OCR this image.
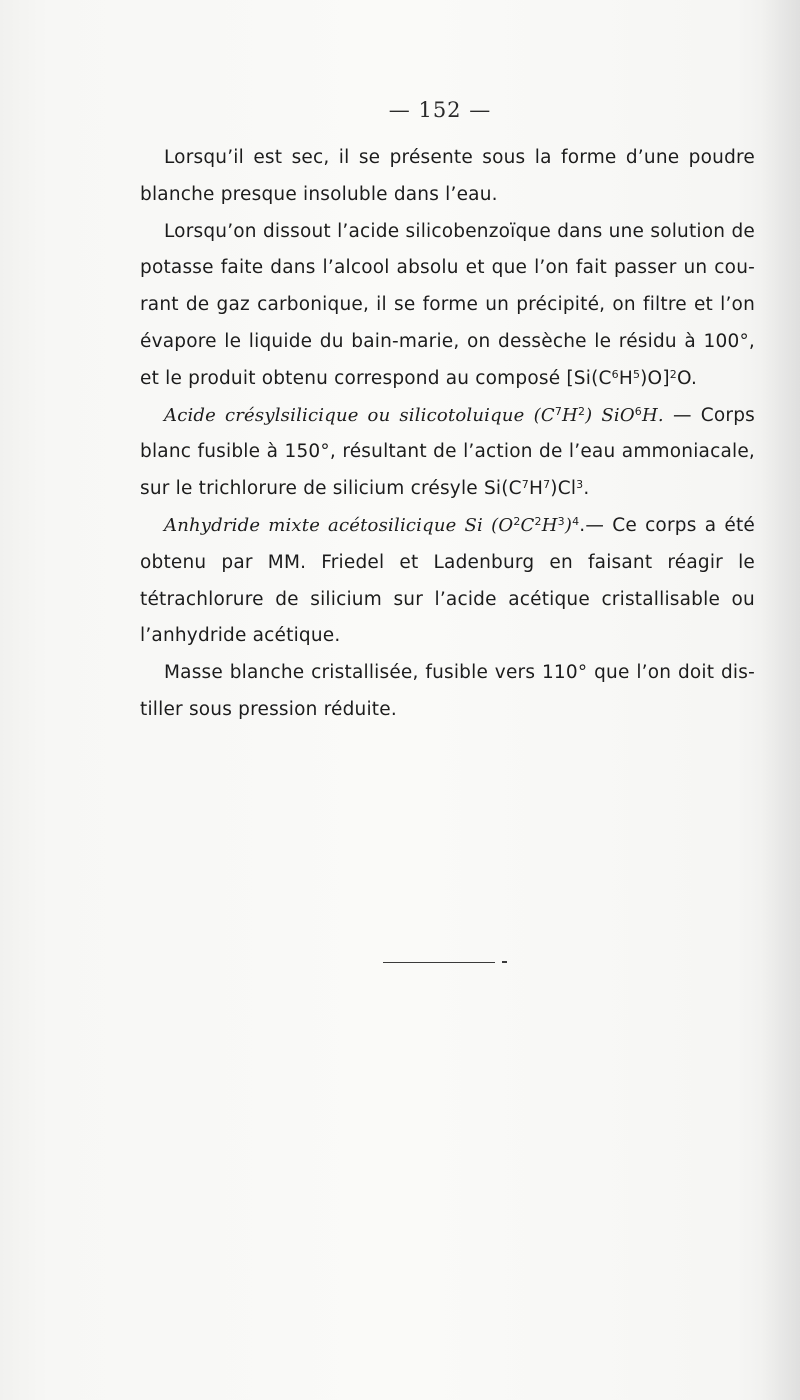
— 152 —
Lorsqu’il est sec, il se présente sous la forme d’une poudre
blanche presque insoluble dans l’eau.
Lorsqu’on dissout l’acide silicobenzoïque dans une solution de
potasse faite dans l’alcool absolu et que l’on fait passer un cou-
rant de gaz carbonique, il se forme un précipité, on filtre et l’on
évapore le liquide du bain-marie, on dessèche le résidu à 100°,
et le produit obtenu correspond au composé $[Si(C^6H^5)O]^2O$.
Acide crésylsilicique ou silicotoluique $(C^7H^2)$ SiO$^6$H. — Corps
blanc fusible à 150°, résultant de l’action de l’eau ammoniacale,
sur le trichlorure de silicium crésyle $Si(C^7H^7)Cl^3$.
Anhydride mixte acétosilicique Si $(O^2C^2H^3)^4.—$ Ce corps a été
obtenu par MM. Friedel et Ladenburg en faisant réagir le
tétrachlorure de silicium sur l’acide acétique cristallisable ou
l’anhydride acétique.
Masse blanche cristallisée, fusible vers 110° que l’on doit dis-
tiller sous pression réduite.
